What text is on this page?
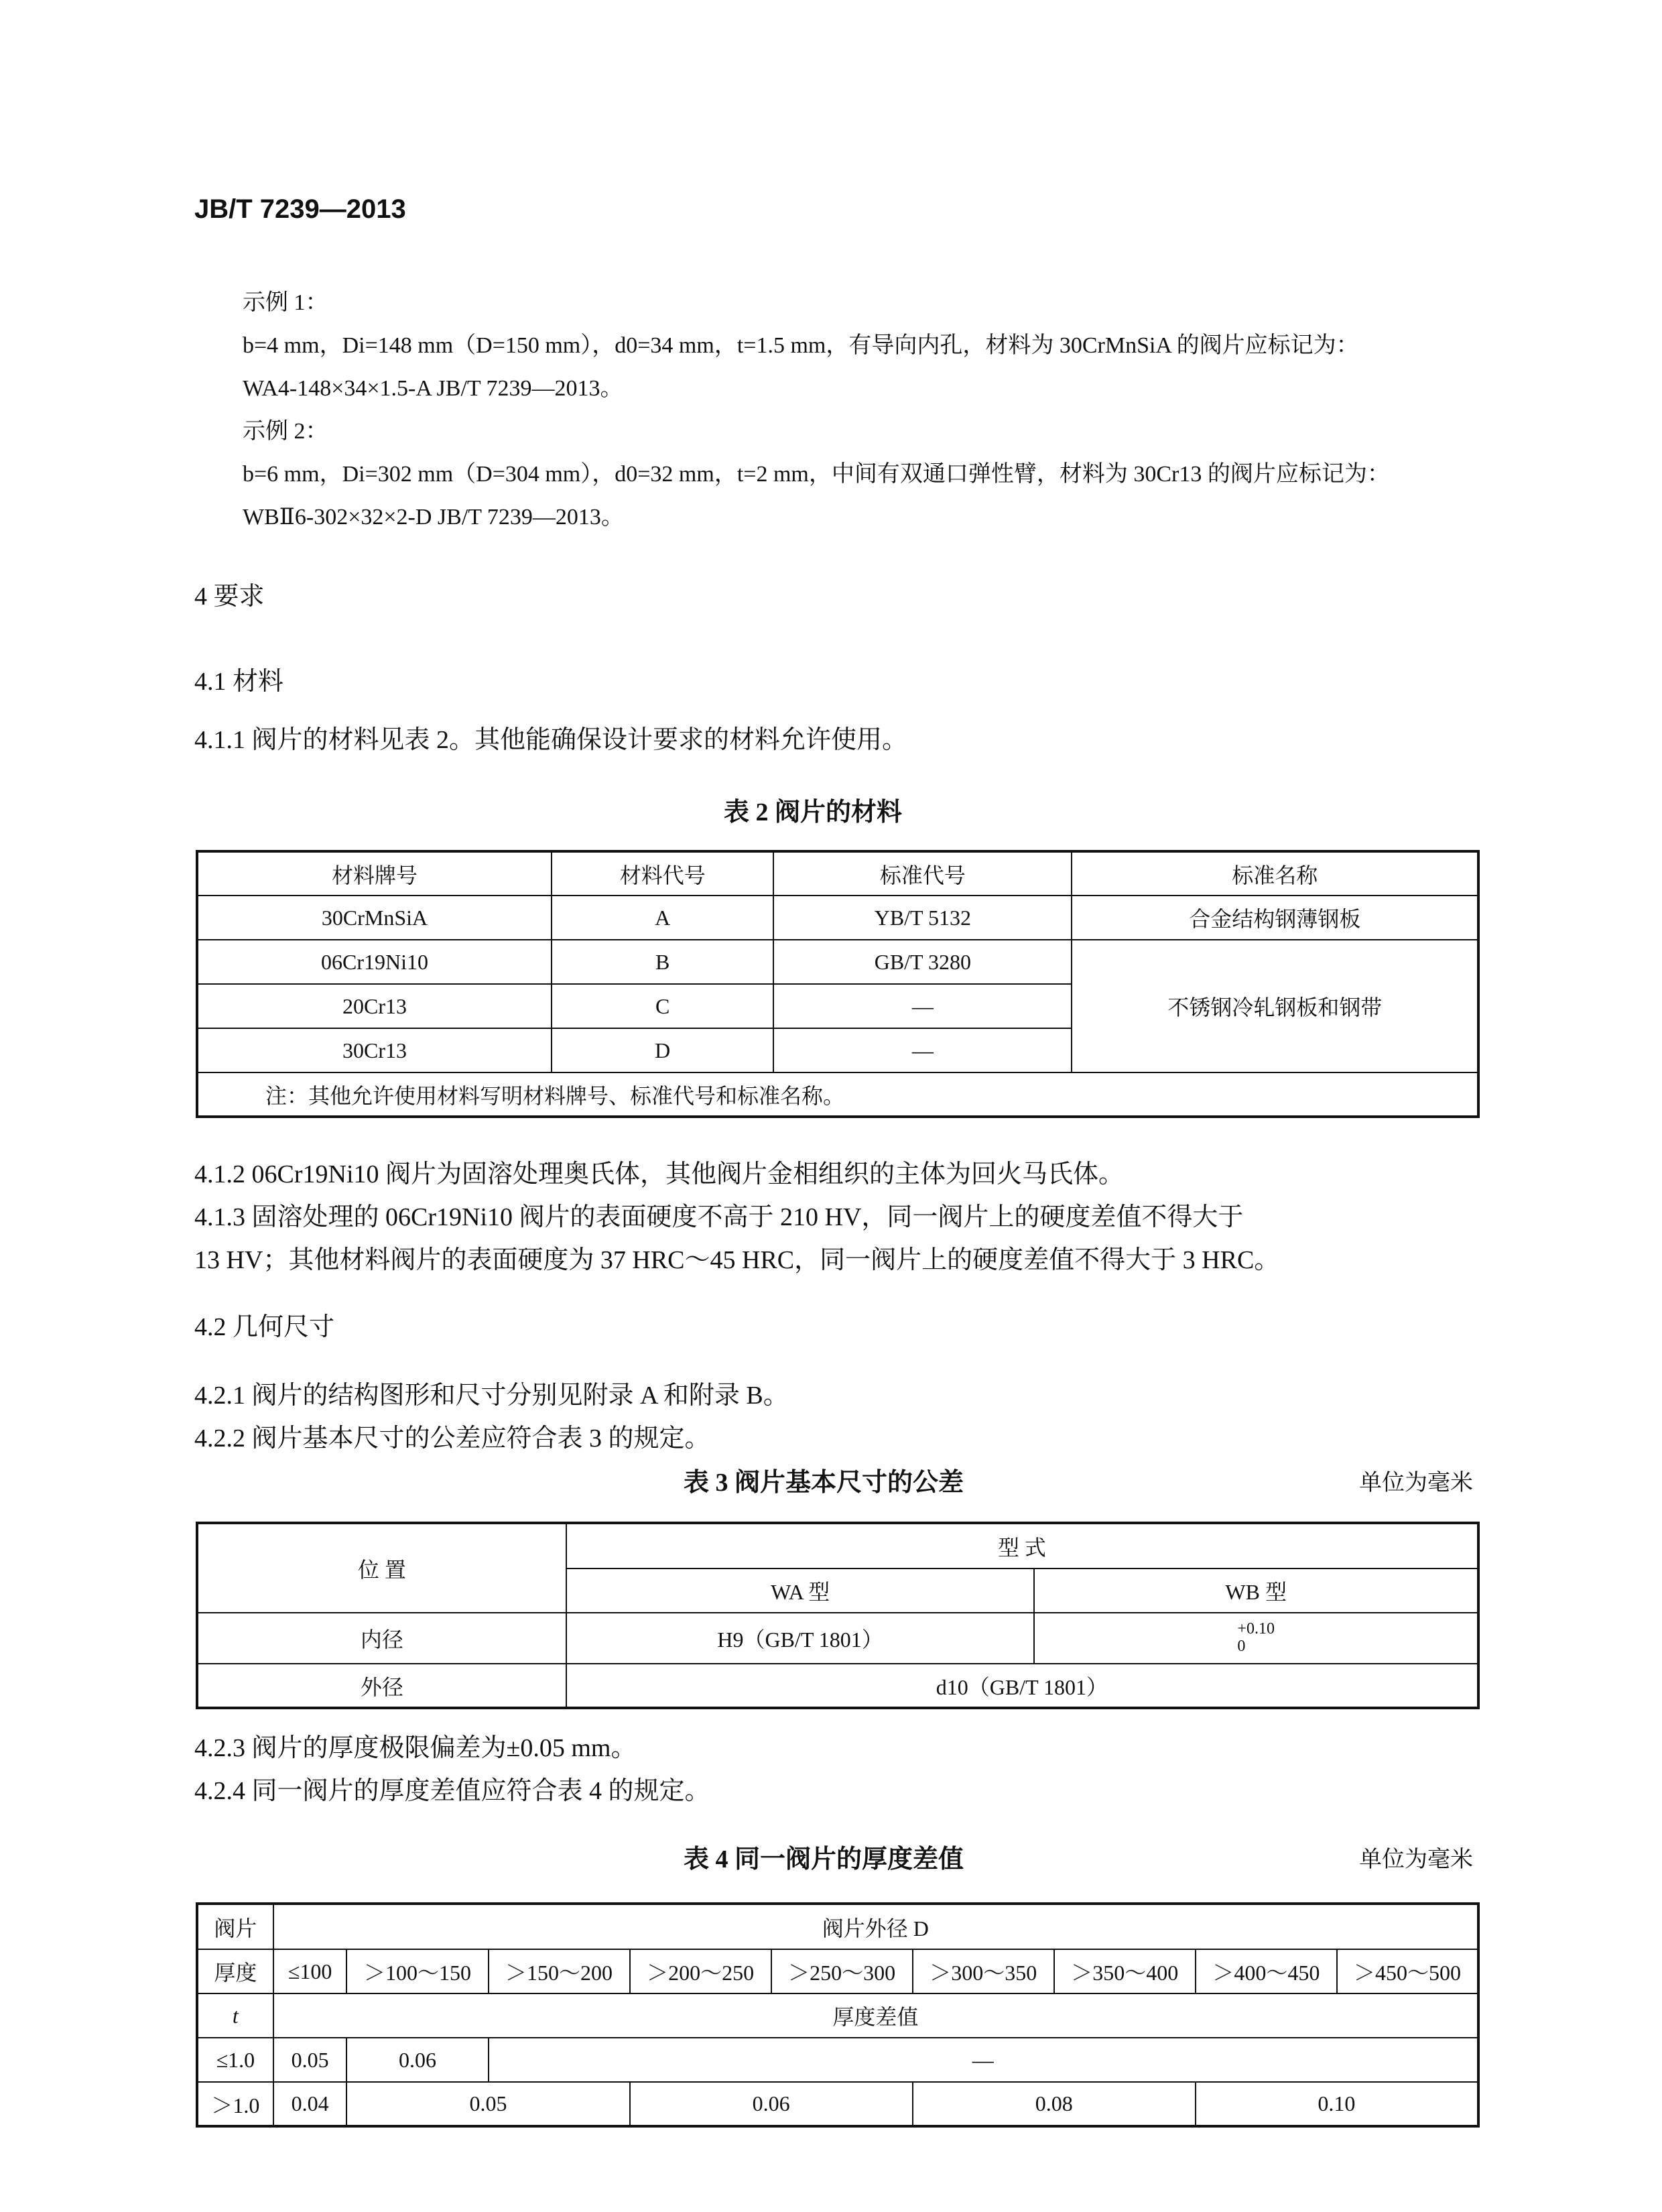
JB/T 7239—2013
示例 1：
b=4 mm，Di=148 mm（D=150 mm），d0=34 mm，t=1.5 mm，有导向内孔，材料为 30CrMnSiA 的阀片应标记为：
WA4-148×34×1.5-A JB/T 7239—2013。
示例 2：
b=6 mm，Di=302 mm（D=304 mm），d0=32 mm，t=2 mm，中间有双通口弹性臂，材料为 30Cr13 的阀片应标记为：
WBⅡ6-302×32×2-D JB/T 7239—2013。
4 要求
4.1 材料
4.1.1 阀片的材料见表 2。其他能确保设计要求的材料允许使用。
表 2 阀片的材料
材料牌号	材料代号	标准代号	标准名称
30CrMnSiA	A	YB/T 5132	合金结构钢薄钢板
06Cr19Ni10	B	GB/T 3280	不锈钢冷轧钢板和钢带
20Cr13	C	—	
30Cr13	D	—	
注：其他允许使用材料写明材料牌号、标准代号和标准名称。			
4.1.2 06Cr19Ni10 阀片为固溶处理奥氏体，其他阀片金相组织的主体为回火马氏体。
4.1.3 固溶处理的 06Cr19Ni10 阀片的表面硬度不高于 210 HV，同一阀片上的硬度差值不得大于
13 HV；其他材料阀片的表面硬度为 37 HRC～45 HRC，同一阀片上的硬度差值不得大于 3 HRC。
4.2 几何尺寸
4.2.1 阀片的结构图形和尺寸分别见附录 A 和附录 B。
4.2.2 阀片基本尺寸的公差应符合表 3 的规定。
表 3 阀片基本尺寸的公差	单位为毫米
位 置	型 式	
	WA 型	WB 型
内径	H9（GB/T 1801）	+0.10
0
外径	d10（GB/T 1801）	
4.2.3 阀片的厚度极限偏差为±0.05 mm。
4.2.4 同一阀片的厚度差值应符合表 4 的规定。
表 4 同一阀片的厚度差值	单位为毫米
阀片	阀片外径 D								
厚度	≤100	＞100～150	＞150～200	＞200～250	＞250～300	＞300～350	＞350～400	＞400～450	＞450～500
t	厚度差值								
≤1.0	0.05	0.06	—						
＞1.0	0.04	0.05		0.06		0.08		0.10	
